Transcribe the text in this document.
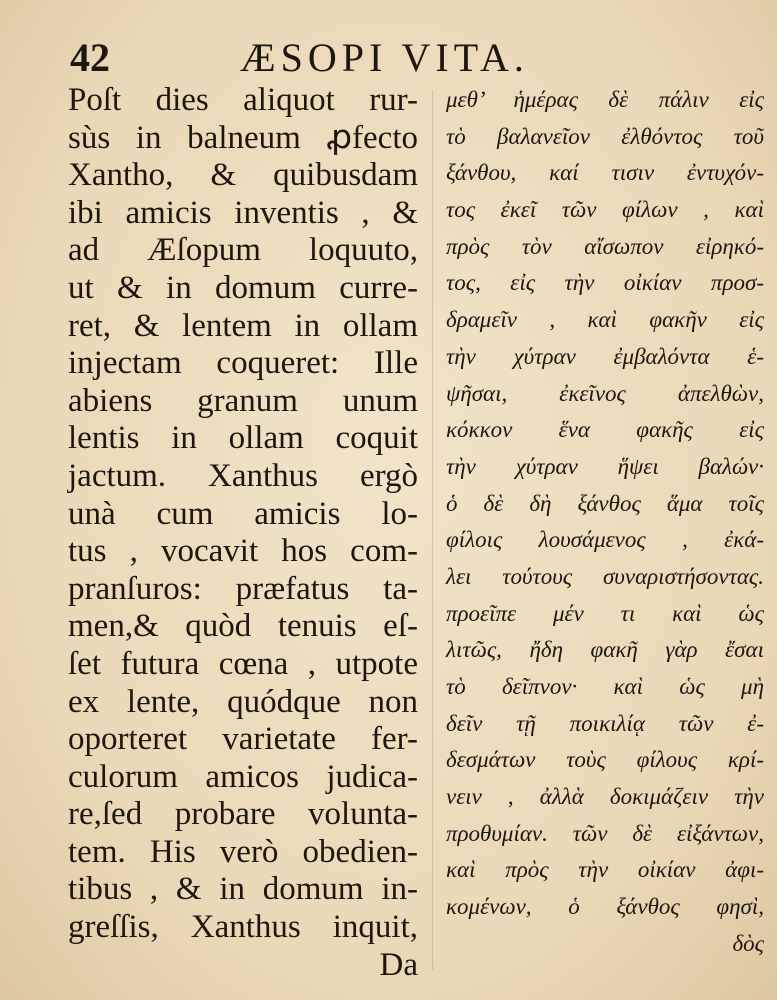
42	ÆSOPI VITA.
Poſt dies aliquot rur-
sùs in balneum ꝓfecto
Xantho, & quibusdam
ibi amicis inventis , &
ad Æſopum loquuto,
ut & in domum curre-
ret, & lentem in ollam
injectam coqueret: Ille
abiens granum unum
lentis in ollam coquit
jactum. Xanthus ergò
unà cum amicis lo-
tus , vocavit hos com-
pranſuros: præfatus ta-
men,& quòd tenuis eſ-
ſet futura cœna , utpote
ex lente, quódque non
oporteret varietate fer-
culorum amicos judica-
re,ſed probare volunta-
tem. His verò obedien-
tibus , & in domum in-
greſſis, Xanthus inquit,
Da
μεθ’ ἡμέρας δὲ πάλιν εἰς
τὸ βαλανεῖον ἐλθόντος τοῦ
ξάνθου, καί τισιν ἐντυχόν-
τος ἐκεῖ τῶν φίλων , καὶ
πρὸς τὸν αἴσωπον εἰρηκό-
τος, εἰς τὴν οἰκίαν προσ-
δραμεῖν , καὶ φακῆν εἰς
τὴν χύτραν ἐμβαλόντα ἑ-
ψῆσαι, ἐκεῖνος ἀπελθὼν,
κόκκον ἕνα φακῆς εἰς
τὴν χύτραν ἥψει βαλών·
ὁ δὲ δὴ ξάνθος ἅμα τοῖς
φίλοις λουσάμενος , ἐκά-
λει τούτους συναριστήσοντας.
προεῖπε μέν τι καὶ ὡς
λιτῶς, ἤδη φακῆ γὰρ ἔσαι
τὸ δεῖπνον· καὶ ὡς μὴ
δεῖν τῇ ποικιλίᾳ τῶν ἐ-
δεσμάτων τοὺς φίλους κρί-
νειν , ἀλλὰ δοκιμάζειν τὴν
προθυμίαν. τῶν δὲ εἰξάντων,
καὶ πρὸς τὴν οἰκίαν ἀφι-
κομένων, ὁ ξάνθος φησὶ,
δὸς
